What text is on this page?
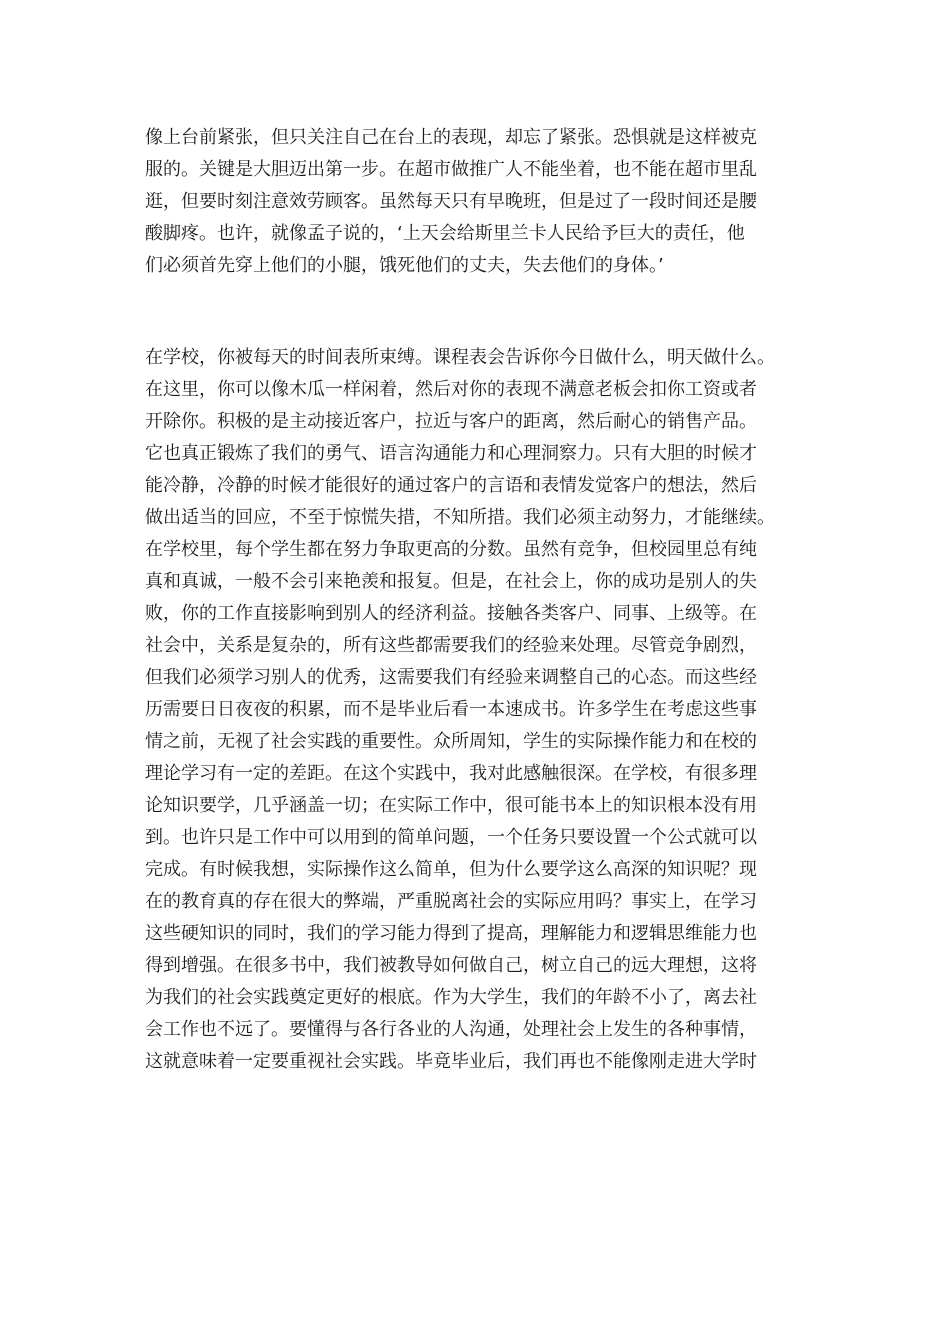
像上台前紧张，但只关注自己在台上的表现，却忘了紧张。恐惧就是这样被克
服的。关键是大胆迈出第一步。在超市做推广人不能坐着，也不能在超市里乱
逛，但要时刻注意效劳顾客。虽然每天只有早晚班，但是过了一段时间还是腰
酸脚疼。也许，就像孟子说的，‘上天会给斯里兰卡人民给予巨大的责任，他
们必须首先穿上他们的小腿，饿死他们的丈夫，失去他们的身体。’
在学校，你被每天的时间表所束缚。课程表会告诉你今日做什么，明天做什么。
在这里，你可以像木瓜一样闲着，然后对你的表现不满意老板会扣你工资或者
开除你。积极的是主动接近客户，拉近与客户的距离，然后耐心的销售产品。
它也真正锻炼了我们的勇气、语言沟通能力和心理洞察力。只有大胆的时候才
能冷静，冷静的时候才能很好的通过客户的言语和表情发觉客户的想法，然后
做出适当的回应，不至于惊慌失措，不知所措。我们必须主动努力，才能继续。
在学校里，每个学生都在努力争取更高的分数。虽然有竞争，但校园里总有纯
真和真诚，一般不会引来艳羡和报复。但是，在社会上，你的成功是别人的失
败，你的工作直接影响到别人的经济利益。接触各类客户、同事、上级等。在
社会中，关系是复杂的，所有这些都需要我们的经验来处理。尽管竞争剧烈，
但我们必须学习别人的优秀，这需要我们有经验来调整自己的心态。而这些经
历需要日日夜夜的积累，而不是毕业后看一本速成书。许多学生在考虑这些事
情之前，无视了社会实践的重要性。众所周知，学生的实际操作能力和在校的
理论学习有一定的差距。在这个实践中，我对此感触很深。在学校，有很多理
论知识要学，几乎涵盖一切；在实际工作中，很可能书本上的知识根本没有用
到。也许只是工作中可以用到的简单问题，一个任务只要设置一个公式就可以
完成。有时候我想，实际操作这么简单，但为什么要学这么高深的知识呢？现
在的教育真的存在很大的弊端，严重脱离社会的实际应用吗？事实上，在学习
这些硬知识的同时，我们的学习能力得到了提高，理解能力和逻辑思维能力也
得到增强。在很多书中，我们被教导如何做自己，树立自己的远大理想，这将
为我们的社会实践奠定更好的根底。作为大学生，我们的年龄不小了，离去社
会工作也不远了。要懂得与各行各业的人沟通，处理社会上发生的各种事情，
这就意味着一定要重视社会实践。毕竟毕业后，我们再也不能像刚走进大学时
